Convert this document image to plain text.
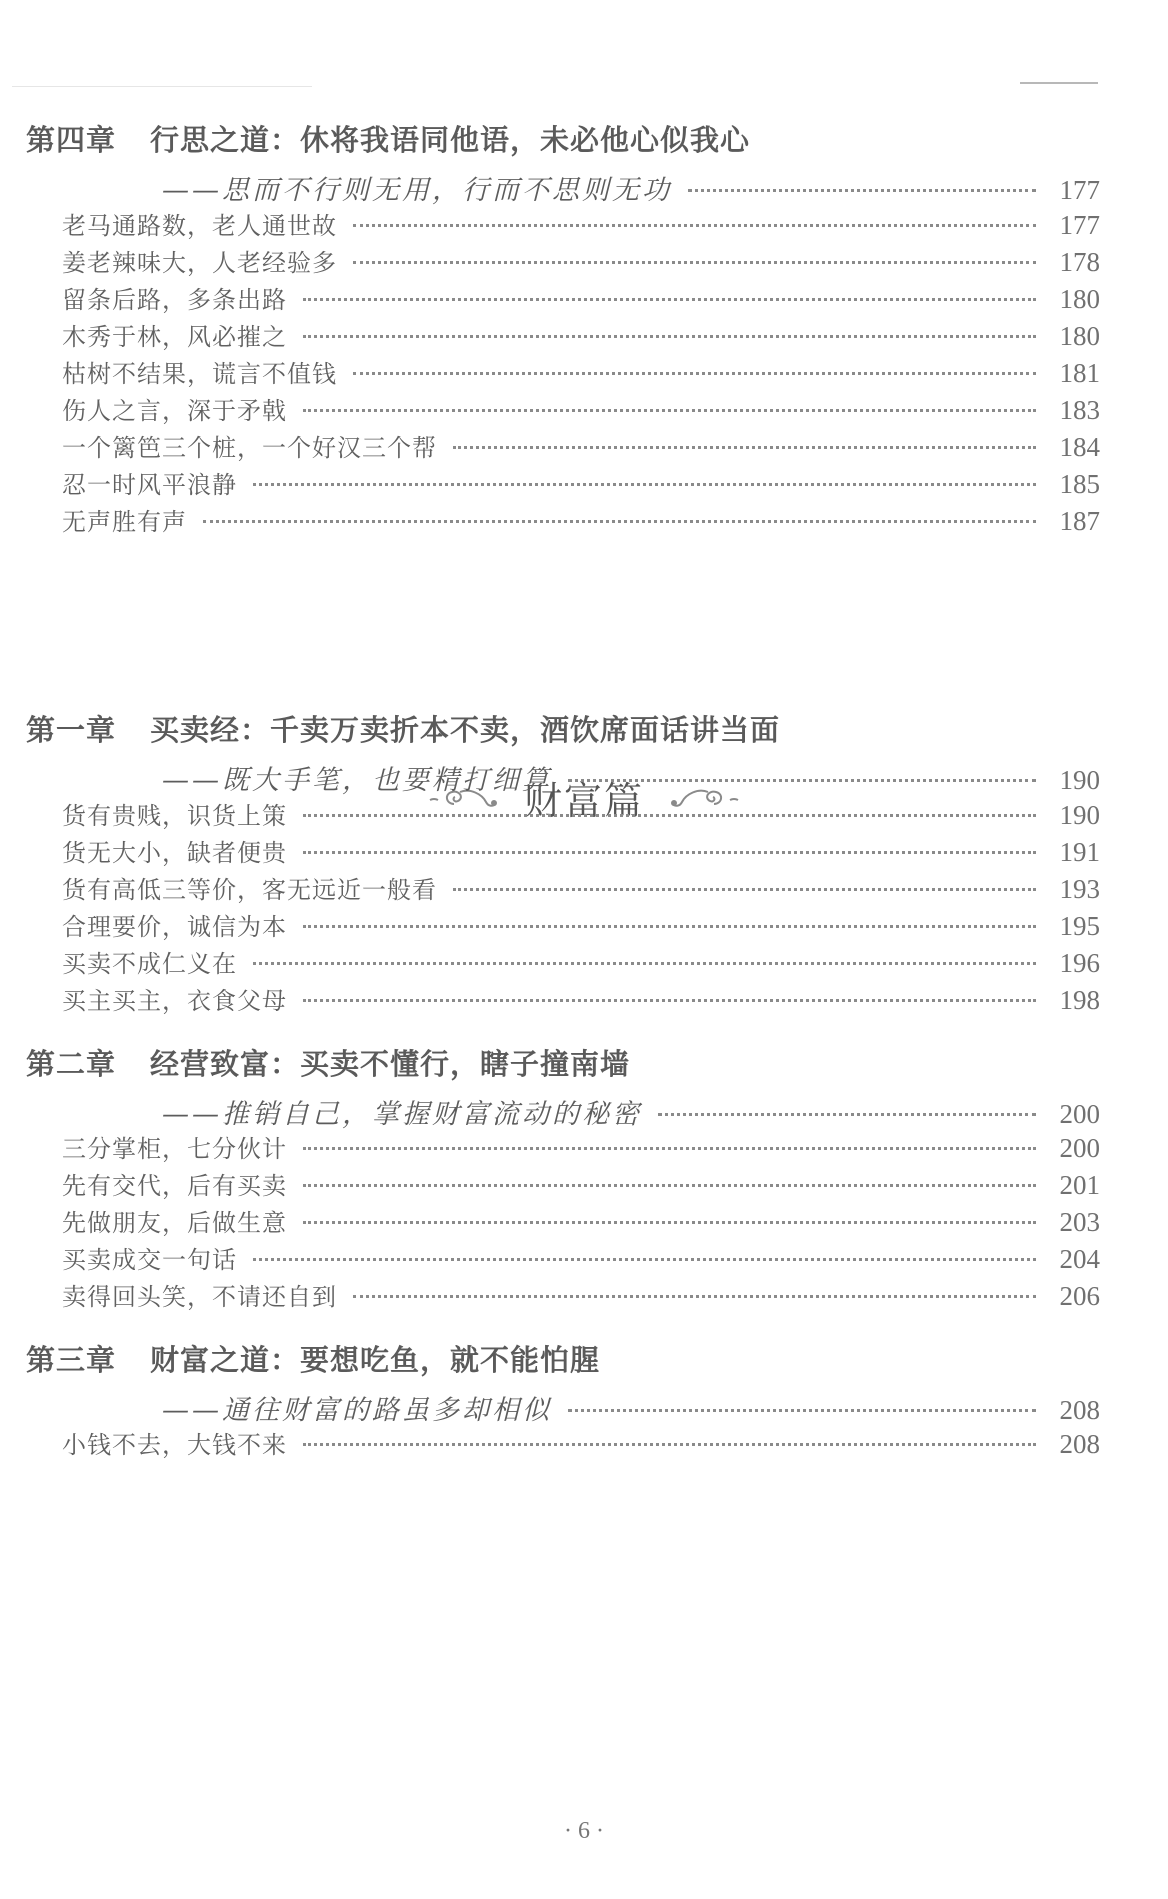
第四章 行思之道：休将我语同他语，未必他心似我心
——思而不行则无用，行而不思则无功	177
老马通路数，老人通世故	177
姜老辣味大，人老经验多	178
留条后路，多条出路	180
木秀于林，风必摧之	180
枯树不结果，谎言不值钱	181
伤人之言，深于矛戟	183
一个篱笆三个桩，一个好汉三个帮	184
忍一时风平浪静	185
无声胜有声	187
财富篇
第一章 买卖经：千卖万卖折本不卖，酒饮席面话讲当面
——既大手笔，也要精打细算	190
货有贵贱，识货上策	190
货无大小，缺者便贵	191
货有高低三等价，客无远近一般看	193
合理要价，诚信为本	195
买卖不成仁义在	196
买主买主，衣食父母	198
第二章 经营致富：买卖不懂行，瞎子撞南墙
——推销自己，掌握财富流动的秘密	200
三分掌柜，七分伙计	200
先有交代，后有买卖	201
先做朋友，后做生意	203
买卖成交一句话	204
卖得回头笑，不请还自到	206
第三章 财富之道：要想吃鱼，就不能怕腥
——通往财富的路虽多却相似	208
小钱不去，大钱不来	208
· 6 ·
